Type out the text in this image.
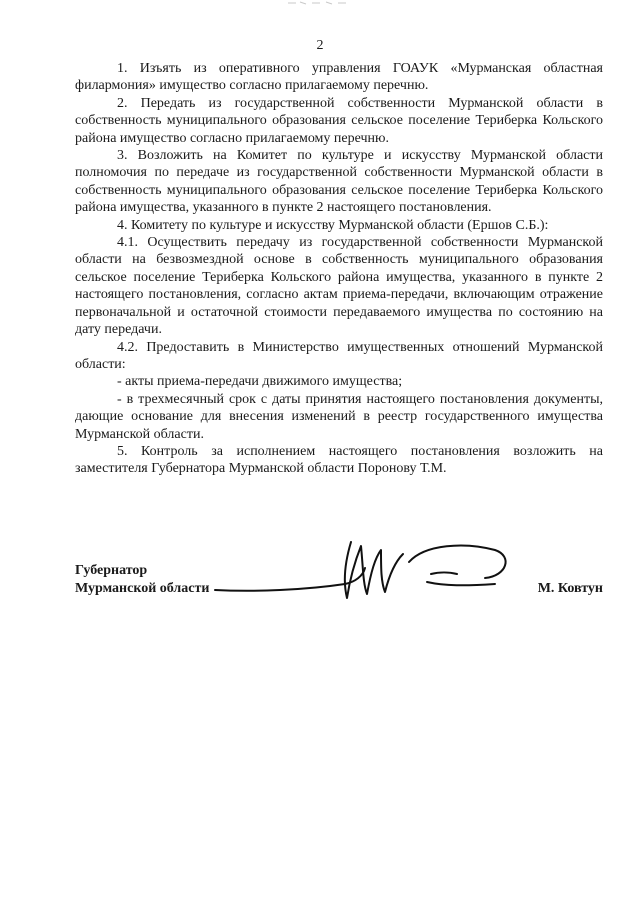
2

1. Изъять из оперативного управления ГОАУК «Мурманская областная филармония» имущество согласно прилагаемому перечню.

2. Передать из государственной собственности Мурманской области в собственность муниципального образования сельское поселение Териберка Кольского района имущество согласно прилагаемому перечню.

3. Возложить на Комитет по культуре и искусству Мурманской области полномочия по передаче из государственной собственности Мурманской области в собственность муниципального образования сельское поселение Териберка Кольского района имущества, указанного в пункте 2 настоящего постановления.

4. Комитету по культуре и искусству Мурманской области (Ершов С.Б.):

4.1. Осуществить передачу из государственной собственности Мурманской области на безвозмездной основе в собственность муниципального образования сельское поселение Териберка Кольского района имущества, указанного в пункте 2 настоящего постановления, согласно актам приема-передачи, включающим отражение первоначальной и остаточной стоимости передаваемого имущества по состоянию на дату передачи.

4.2. Предоставить в Министерство имущественных отношений Мурманской области:

- акты приема-передачи движимого имущества;

- в трехмесячный срок с даты принятия настоящего постановления документы, дающие основание для внесения изменений в реестр государственного имущества Мурманской области.

5. Контроль за исполнением настоящего постановления возложить на заместителя Губернатора Мурманской области Поронову Т.М.

Губернатор
Мурманской области	М. Ковтун
